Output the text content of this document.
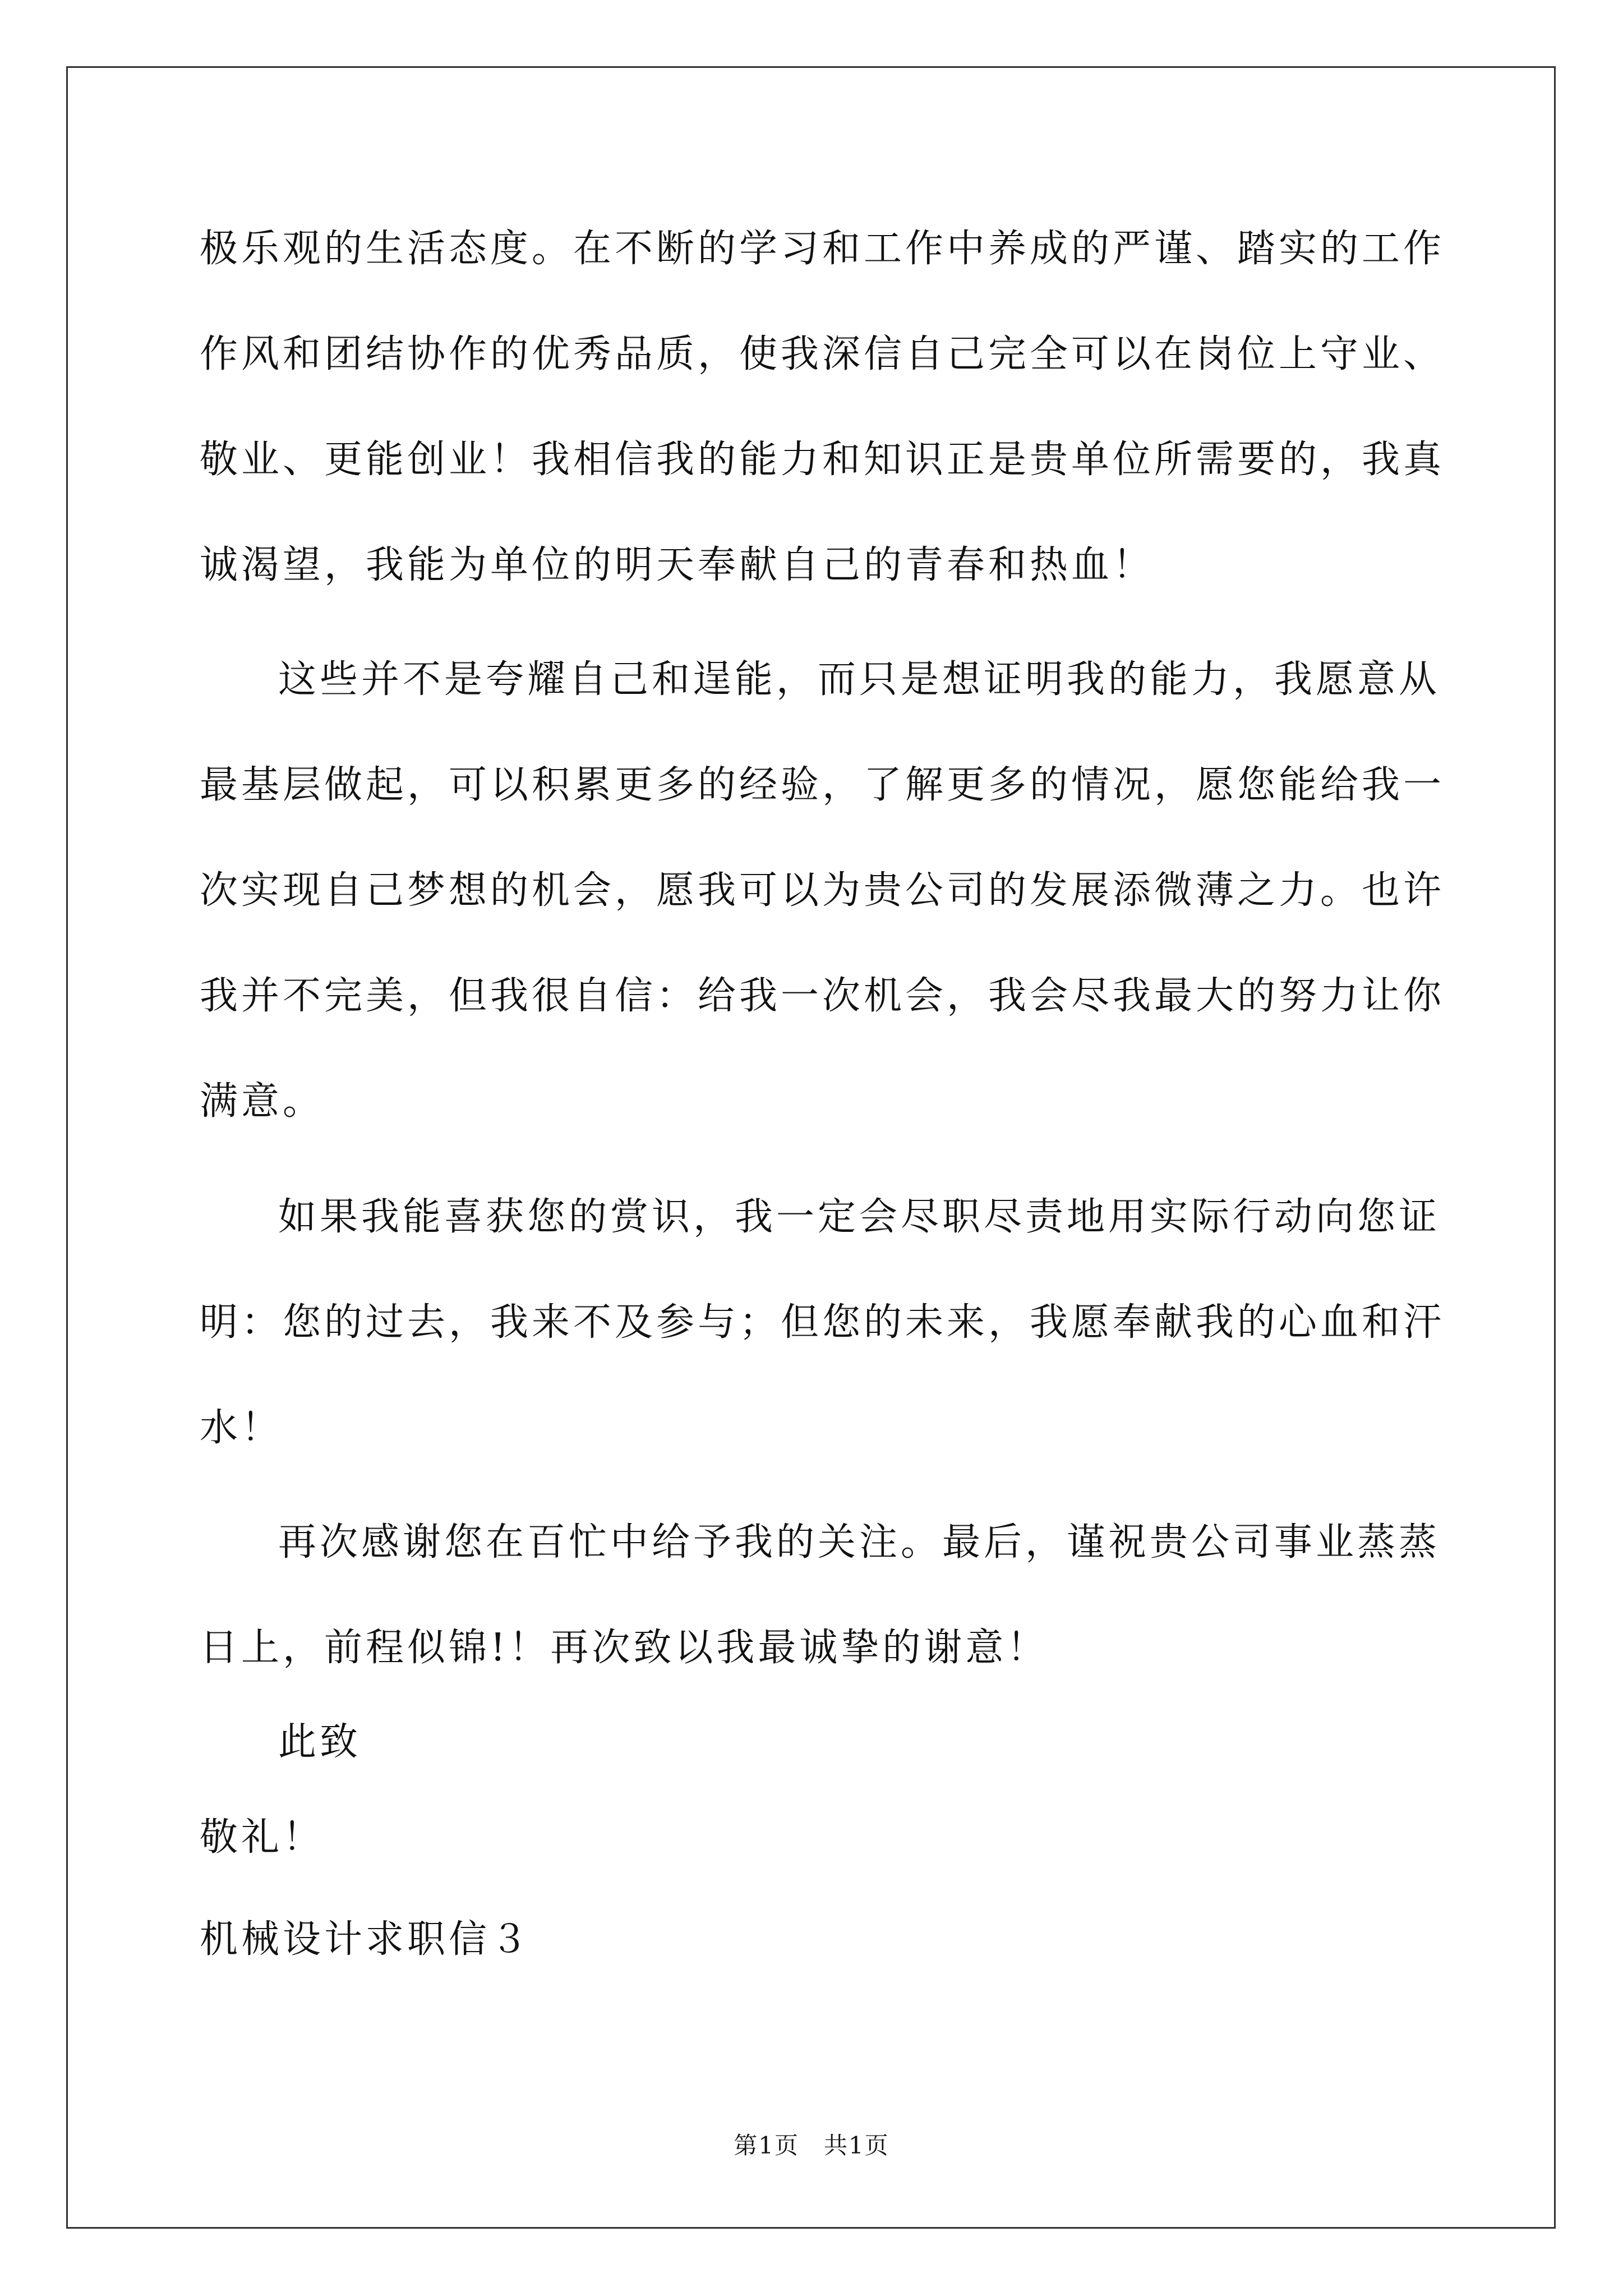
极乐观的生活态度。在不断的学习和工作中养成的严谨、踏实的工作

作风和团结协作的优秀品质，使我深信自己完全可以在岗位上守业、

敬业、更能创业！我相信我的能力和知识正是贵单位所需要的，我真

诚渴望，我能为单位的明天奉献自己的青春和热血！

这些并不是夸耀自己和逞能，而只是想证明我的能力，我愿意从

最基层做起，可以积累更多的经验，了解更多的情况，愿您能给我一

次实现自己梦想的机会，愿我可以为贵公司的发展添微薄之力。也许

我并不完美，但我很自信：给我一次机会，我会尽我最大的努力让你

满意。

如果我能喜获您的赏识，我一定会尽职尽责地用实际行动向您证

明：您的过去，我来不及参与；但您的未来，我愿奉献我的心血和汗

水！

再次感谢您在百忙中给予我的关注。最后，谨祝贵公司事业蒸蒸

日上，前程似锦!！再次致以我最诚挚的谢意！

此致

敬礼！

机械设计求职信３

第1页　共1页
